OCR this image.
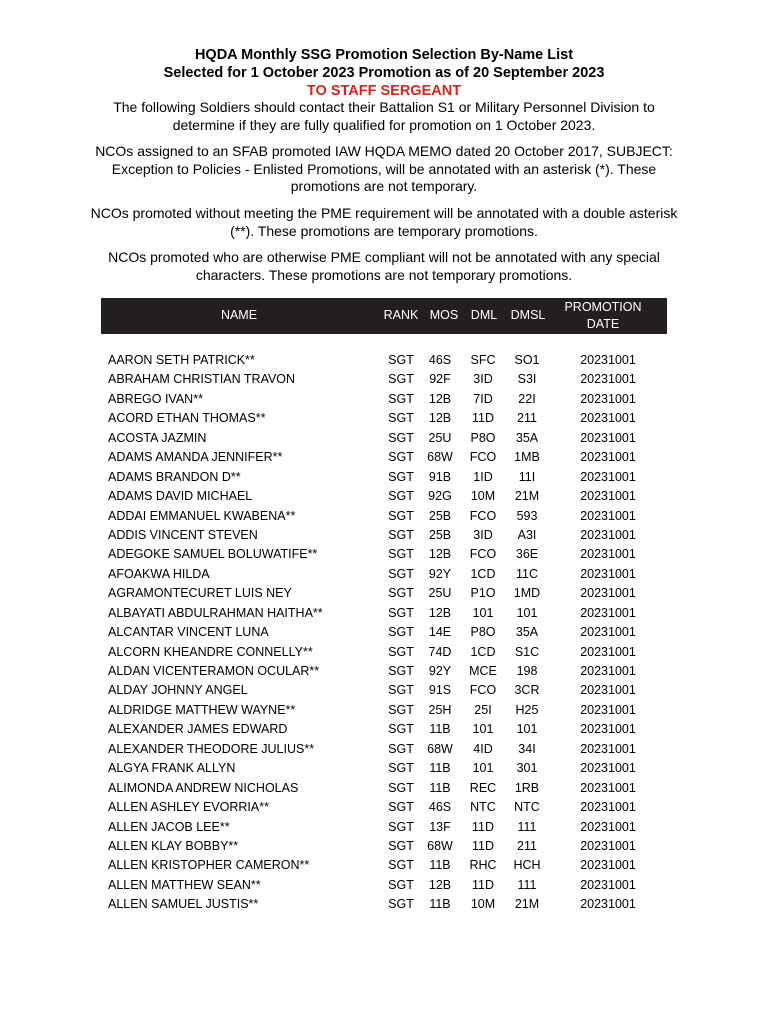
HQDA Monthly SSG Promotion Selection By-Name List
Selected for 1 October 2023 Promotion as of 20 September 2023
TO STAFF SERGEANT
The following Soldiers should contact their Battalion S1 or Military Personnel Division to determine if they are fully qualified for promotion on 1 October 2023.
NCOs assigned to an SFAB promoted IAW HQDA MEMO dated 20 October 2017, SUBJECT: Exception to Policies - Enlisted Promotions, will be annotated with an asterisk (*). These promotions are not temporary.
NCOs promoted without meeting the PME requirement will be annotated with a double asterisk (**). These promotions are temporary promotions.
NCOs promoted who are otherwise PME compliant will not be annotated with any special characters. These promotions are not temporary promotions.
NAME	RANK MOS	DML	DMSL
PROMOTION
DATE
AARON SETH PATRICK**	SGT	46S	SFC	SO1	20231001
ABRAHAM CHRISTIAN TRAVON	SGT	92F	3ID	S3I	20231001
ABREGO IVAN**	SGT	12B	7ID	22I	20231001
ACORD ETHAN THOMAS**	SGT	12B	11D	211	20231001
ACOSTA JAZMIN	SGT	25U	P8O	35A	20231001
ADAMS AMANDA JENNIFER**	SGT	68W	FCO	1MB	20231001
ADAMS BRANDON D**	SGT	91B	1ID	11I	20231001
ADAMS DAVID MICHAEL	SGT	92G	10M	21M	20231001
ADDAI EMMANUEL KWABENA**	SGT	25B	FCO	593	20231001
ADDIS VINCENT STEVEN	SGT	25B	3ID	A3I	20231001
ADEGOKE SAMUEL BOLUWATIFE**	SGT	12B	FCO	36E	20231001
AFOAKWA HILDA	SGT	92Y	1CD	11C	20231001
AGRAMONTECURET LUIS NEY	SGT	25U	P1O	1MD	20231001
ALBAYATI ABDULRAHMAN HAITHA**	SGT	12B	101	101	20231001
ALCANTAR VINCENT LUNA	SGT	14E	P8O	35A	20231001
ALCORN KHEANDRE CONNELLY**	SGT	74D	1CD	S1C	20231001
ALDAN VICENTERAMON OCULAR**	SGT	92Y	MCE	198	20231001
ALDAY JOHNNY ANGEL	SGT	91S	FCO	3CR	20231001
ALDRIDGE MATTHEW WAYNE**	SGT	25H	25I	H25	20231001
ALEXANDER JAMES EDWARD	SGT	11B	101	101	20231001
ALEXANDER THEODORE JULIUS**	SGT	68W	4ID	34I	20231001
ALGYA FRANK ALLYN	SGT	11B	101	301	20231001
ALIMONDA ANDREW NICHOLAS	SGT	11B	REC	1RB	20231001
ALLEN ASHLEY EVORRIA**	SGT	46S	NTC	NTC	20231001
ALLEN JACOB LEE**	SGT	13F	11D	111	20231001
ALLEN KLAY BOBBY**	SGT	68W	11D	211	20231001
ALLEN KRISTOPHER CAMERON**	SGT	11B	RHC	HCH	20231001
ALLEN MATTHEW SEAN**	SGT	12B	11D	111	20231001
ALLEN SAMUEL JUSTIS**	SGT	11B	10M	21M	20231001
